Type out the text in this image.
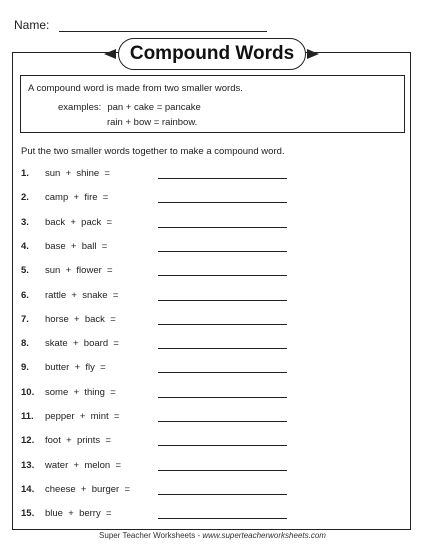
Name:
Compound Words
A compound word is made from two smaller words.
examples: pan + cake = pancake
rain + bow = rainbow.
Put the two smaller words together to make a compound word.
1. sun  +  shine  =
2. camp  +  fire  =
3. back  +  pack  =
4. base  +  ball  =
5. sun  +  flower  =
6. rattle  +  snake  =
7. horse  +  back  =
8. skate  +  board  =
9. butter  +  fly  =
10. some  +  thing  =
11. pepper  +  mint  =
12. foot  +  prints  =
13. water  +  melon  =
14. cheese  +  burger  =
15. blue  +  berry  =
Super Teacher Worksheets - www.superteacherworksheets.com
